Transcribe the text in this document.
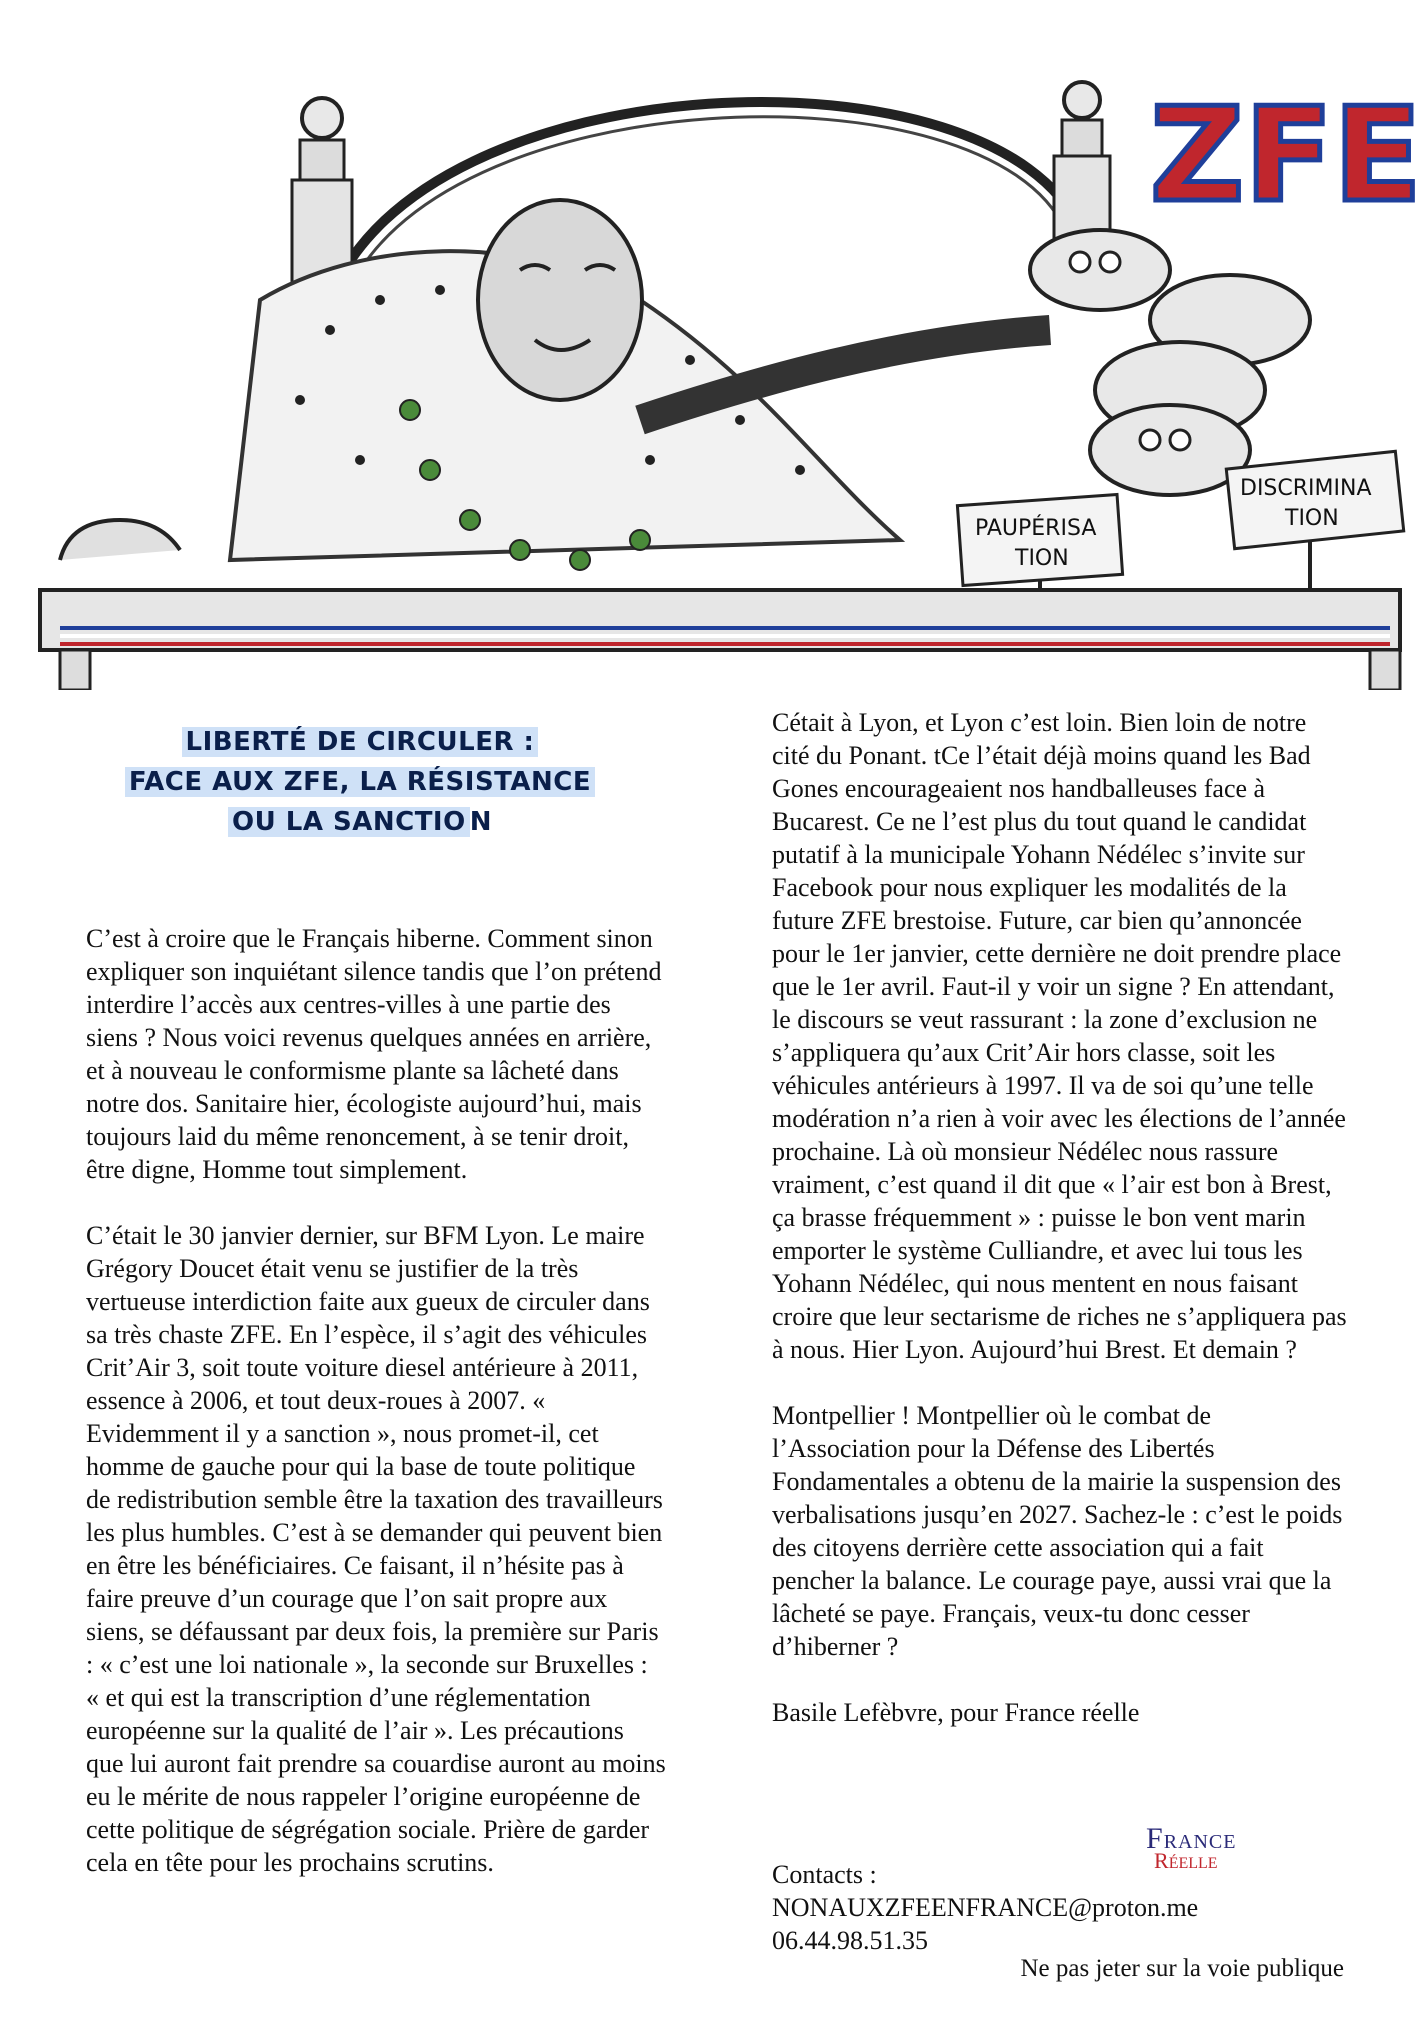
ZFE
PAUPÉRISA
TION
DISCRIMINA
TION
LIBERTÉ DE CIRCULER :
FACE AUX ZFE, LA RÉSISTANCE
OU LA SANCTIO N

C’est à croire que le Français hiberne. Comment sinon expliquer son inquiétant silence tandis que l’on prétend interdire l’accès aux centres-villes à une partie des siens ? Nous voici revenus quelques années en arrière, et à nouveau le conformisme plante sa lâcheté dans notre dos. Sanitaire hier, écologiste aujourd’hui, mais toujours laid du même renoncement, à se tenir droit, être digne, Homme tout simplement.

C’était le 30 janvier dernier, sur BFM Lyon. Le maire Grégory Doucet était venu se justifier de la très vertueuse interdiction faite aux gueux de circuler dans sa très chaste ZFE. En l’espèce, il s’agit des véhicules Crit’Air 3, soit toute voiture diesel antérieure à 2011, essence à 2006, et tout deux-roues à 2007. « Evidemment il y a sanction », nous promet-il, cet homme de gauche pour qui la base de toute politique de redistribution semble être la taxation des travailleurs les plus humbles. C’est à se demander qui peuvent bien en être les bénéficiaires. Ce faisant, il n’hésite pas à faire preuve d’un courage que l’on sait propre aux siens, se défaussant par deux fois, la première sur Paris : « c’est une loi nationale », la seconde sur Bruxelles : « et qui est la transcription d’une réglementation européenne sur la qualité de l’air ». Les précautions que lui auront fait prendre sa couardise auront au moins eu le mérite de nous rappeler l’origine européenne de cette politique de ségrégation sociale. Prière de garder cela en tête pour les prochains scrutins.

Cétait à Lyon, et Lyon c’est loin. Bien loin de notre cité du Ponant. tCe l’était déjà moins quand les Bad Gones encourageaient nos handballeuses face à Bucarest. Ce ne l’est plus du tout quand le candidat putatif à la municipale Yohann Nédélec s’invite sur Facebook pour nous expliquer les modalités de la future ZFE brestoise. Future, car bien qu’annoncée pour le 1er janvier, cette dernière ne doit prendre place que le 1er avril. Faut-il y voir un signe ? En attendant, le discours se veut rassurant : la zone d’exclusion ne s’appliquera qu’aux Crit’Air hors classe, soit les véhicules antérieurs à 1997. Il va de soi qu’une telle modération n’a rien à voir avec les élections de l’année prochaine. Là où monsieur Nédélec nous rassure vraiment, c’est quand il dit que « l’air est bon à Brest, ça brasse fréquemment » : puisse le bon vent marin emporter le système Culliandre, et avec lui tous les Yohann Nédélec, qui nous mentent en nous faisant croire que leur sectarisme de riches ne s’appliquera pas à nous. Hier Lyon. Aujourd’hui Brest. Et demain ?

Montpellier ! Montpellier où le combat de l’Association pour la Défense des Libertés Fondamentales a obtenu de la mairie la suspension des verbalisations jusqu’en 2027. Sachez-le : c’est le poids des citoyens derrière cette association qui a fait pencher la balance. Le courage paye, aussi vrai que la lâcheté se paye. Français, veux-tu donc cesser d’hiberner ?

Basile Lefèbvre, pour France réelle

FRANCE
RÉELLE
Contacts :
NONAUXZFEENFRANCE@proton.me
06.44.98.51.35
Ne pas jeter sur la voie publique
